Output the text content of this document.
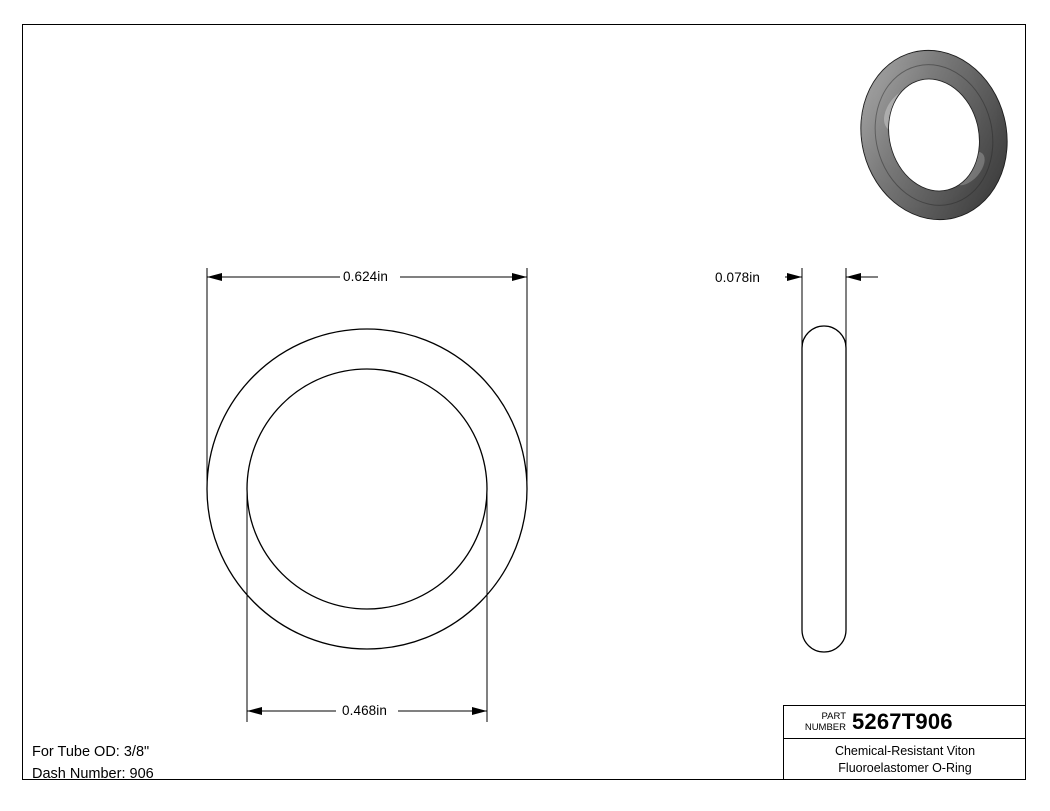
0.624in
0.468in
0.078in
For Tube OD: 3/8"
Dash Number: 906
PART
NUMBER 5267T906
Chemical-Resistant Viton
Fluoroelastomer O-Ring
